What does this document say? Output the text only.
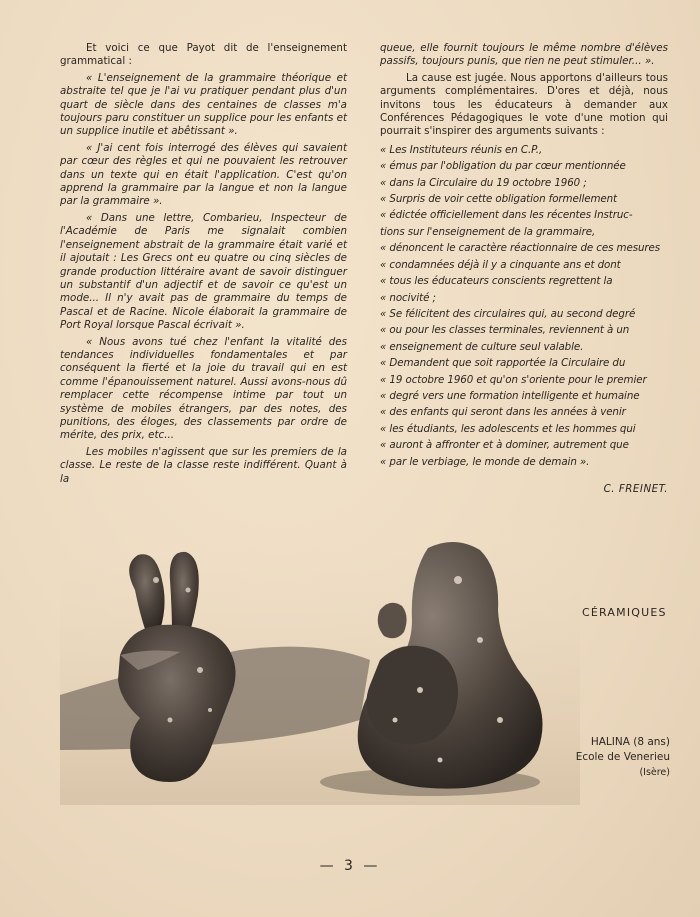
Et voici ce que Payot dit de l'enseignement grammatical :

« L'enseignement de la grammaire théorique et abstraite tel que je l'ai vu pratiquer pendant plus d'un quart de siècle dans des centaines de classes m'a toujours paru constituer un supplice pour les enfants et un supplice inutile et abêtissant ».

« J'ai cent fois interrogé des élèves qui savaient par cœur des règles et qui ne pouvaient les retrouver dans un texte qui en était l'application. C'est qu'on apprend la grammaire par la langue et non la langue par la grammaire ».

« Dans une lettre, Combarieu, Inspecteur de l'Académie de Paris me signalait combien l'enseignement abstrait de la grammaire était varié et il ajoutait : Les Grecs ont eu quatre ou cinq siècles de grande production littéraire avant de savoir distinguer un substantif d'un adjectif et de savoir ce qu'est un mode... Il n'y avait pas de grammaire du temps de Pascal et de Racine. Nicole élaborait la grammaire de Port Royal lorsque Pascal écrivait ».

« Nous avons tué chez l'enfant la vitalité des tendances individuelles fondamentales et par conséquent la fierté et la joie du travail qui en est comme l'épanouissement naturel. Aussi avons-nous dû remplacer cette récompense intime par tout un système de mobiles étrangers, par des notes, des punitions, des éloges, des classements par ordre de mérite, des prix, etc...

Les mobiles n'agissent que sur les premiers de la classe. Le reste de la classe reste indifférent. Quant à la

queue, elle fournit toujours le même nombre d'élèves passifs, toujours punis, que rien ne peut stimuler... ».

La cause est jugée. Nous apportons d'ailleurs tous arguments complémentaires. D'ores et déjà, nous invitons tous les éducateurs à demander aux Conférences Pédagogiques le vote d'une motion qui pourrait s'inspirer des arguments suivants :

« Les Instituteurs réunis en C.P.,

« émus par l'obligation du par cœur mentionnée

« dans la Circulaire du 19 octobre 1960 ;

« Surpris de voir cette obligation formellement

« édictée officiellement dans les récentes Instruc-

tions sur l'enseignement de la grammaire,

« dénoncent le caractère réactionnaire de ces mesures

« condamnées déjà il y a cinquante ans et dont

« tous les éducateurs conscients regrettent la

« nocivité ;

« Se félicitent des circulaires qui, au second degré

« ou pour les classes terminales, reviennent à un

« enseignement de culture seul valable.

« Demandent que soit rapportée la Circulaire du

« 19 octobre 1960 et qu'on s'oriente pour le premier

« degré vers une formation intelligente et humaine

« des enfants qui seront dans les années à venir

« les étudiants, les adolescents et les hommes qui

« auront à affronter et à dominer, autrement que

« par le verbiage, le monde de demain ».

C. FREINET.

CÉRAMIQUES
HALINA (8 ans)
Ecole de Venerieu (Isère)
— 3 —
